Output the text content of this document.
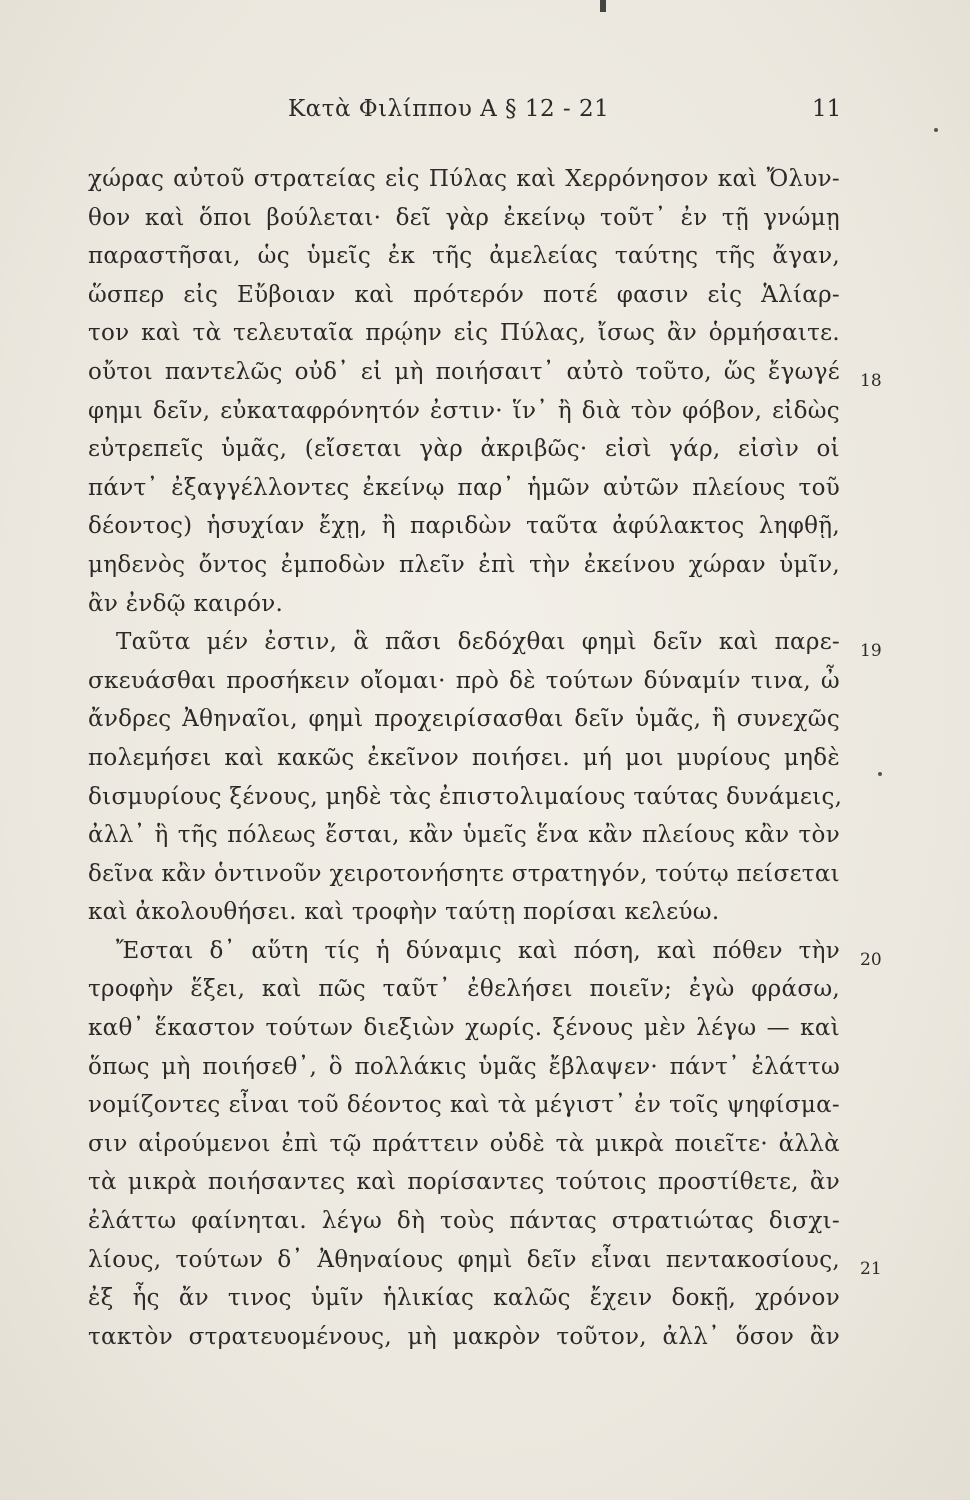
Κατὰ Φιλίππου Α § 12 - 21	11
χώρας αὐτοῦ στρατείας εἰς Πύλας καὶ Χερρόνησον καὶ Ὄλυν-
θον καὶ ὅποι βούλεται· δεῖ γὰρ ἐκείνῳ τοῦτ᾽ ἐν τῇ γνώμῃ
παραστῆσαι, ὡς ὑμεῖς ἐκ τῆς ἀμελείας ταύτης τῆς ἄγαν,
ὥσπερ εἰς Εὔβοιαν καὶ πρότερόν ποτέ φασιν εἰς Ἁλίαρ-
τον καὶ τὰ τελευταῖα πρῴην εἰς Πύλας, ἴσως ἂν ὁρμήσαιτε.
οὔτοι παντελῶς οὐδ᾽ εἰ μὴ ποιήσαιτ᾽ αὐτὸ τοῦτο, ὥς ἔγωγέ
φημι δεῖν, εὐκαταφρόνητόν ἐστιν· ἵν᾽ ἢ διὰ τὸν φόβον, εἰδὼς
εὐτρεπεῖς ὑμᾶς, (εἴσεται γὰρ ἀκριβῶς· εἰσὶ γάρ, εἰσὶν οἱ
πάντ᾽ ἐξαγγέλλοντες ἐκείνῳ παρ᾽ ἡμῶν αὐτῶν πλείους τοῦ
δέοντος) ἡσυχίαν ἔχῃ, ἢ παριδὼν ταῦτα ἀφύλακτος ληφθῇ,
μηδενὸς ὄντος ἐμποδὼν πλεῖν ἐπὶ τὴν ἐκείνου χώραν ὑμῖν,
ἂν ἐνδῷ καιρόν.
Ταῦτα μέν ἐστιν, ἃ πᾶσι δεδόχθαι φημὶ δεῖν καὶ παρε-
σκευάσθαι προσήκειν οἴομαι· πρὸ δὲ τούτων δύναμίν τινα, ὦ
ἄνδρες Ἀθηναῖοι, φημὶ προχειρίσασθαι δεῖν ὑμᾶς, ἣ συνεχῶς
πολεμήσει καὶ κακῶς ἐκεῖνον ποιήσει. μή μοι μυρίους μηδὲ
δισμυρίους ξένους, μηδὲ τὰς ἐπιστολιμαίους ταύτας δυνάμεις,
ἀλλ᾽ ἣ τῆς πόλεως ἔσται, κἂν ὑμεῖς ἕνα κἂν πλείους κἂν τὸν
δεῖνα κἂν ὁντινοῦν χειροτονήσητε στρατηγόν, τούτῳ πείσεται
καὶ ἀκολουθήσει. καὶ τροφὴν ταύτῃ πορίσαι κελεύω.
Ἔσται δ᾽ αὕτη τίς ἡ δύναμις καὶ πόση, καὶ πόθεν τὴν
τροφὴν ἕξει, καὶ πῶς ταῦτ᾽ ἐθελήσει ποιεῖν; ἐγὼ φράσω,
καθ᾽ ἕκαστον τούτων διεξιὼν χωρίς. ξένους μὲν λέγω — καὶ
ὅπως μὴ ποιήσεθ᾽, ὃ πολλάκις ὑμᾶς ἔβλαψεν· πάντ᾽ ἐλάττω
νομίζοντες εἶναι τοῦ δέοντος καὶ τὰ μέγιστ᾽ ἐν τοῖς ψηφίσμα-
σιν αἱρούμενοι ἐπὶ τῷ πράττειν οὐδὲ τὰ μικρὰ ποιεῖτε· ἀλλὰ
τὰ μικρὰ ποιήσαντες καὶ πορίσαντες τούτοις προστίθετε, ἂν
ἐλάττω φαίνηται. λέγω δὴ τοὺς πάντας στρατιώτας δισχι-
λίους, τούτων δ᾽ Ἀθηναίους φημὶ δεῖν εἶναι πεντακοσίους,
ἐξ ἧς ἄν τινος ὑμῖν ἡλικίας καλῶς ἔχειν δοκῇ, χρόνον
τακτὸν στρατευομένους, μὴ μακρὸν τοῦτον, ἀλλ᾽ ὅσον ἂν
18
19
20
21
